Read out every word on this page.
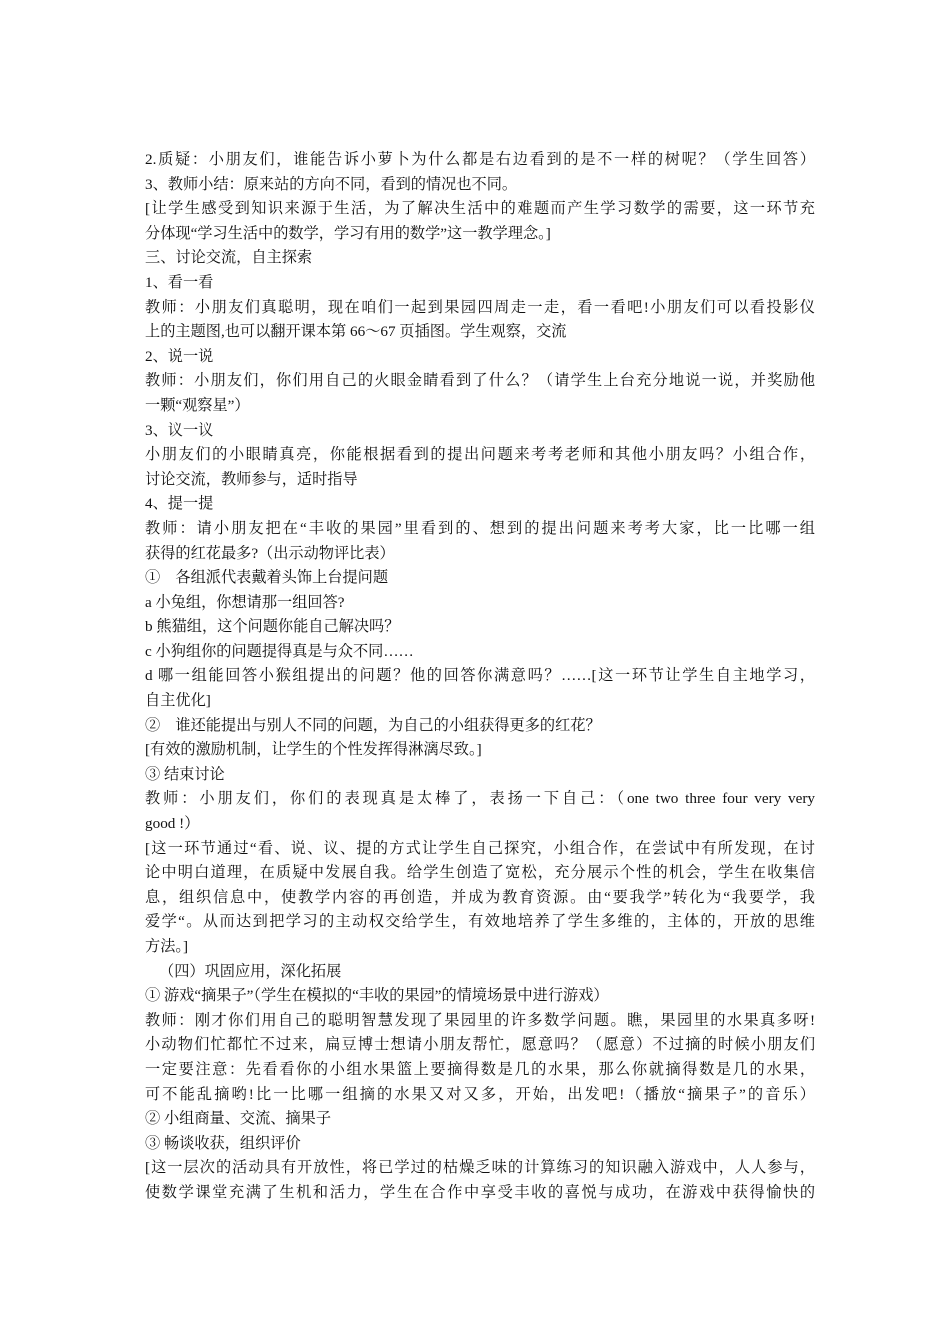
2.质疑：小朋友们，谁能告诉小萝卜为什么都是右边看到的是不一样的树呢？（学生回答）
3、教师小结：原来站的方向不同，看到的情况也不同。
[让学生感受到知识来源于生活，为了解决生活中的难题而产生学习数学的需要，这一环节充
分体现“学习生活中的数学，学习有用的数学”这一教学理念。]
三、讨论交流，自主探索
1、看一看
教师：小朋友们真聪明，现在咱们一起到果园四周走一走，看一看吧!小朋友们可以看投影仪
上的主题图,也可以翻开课本第 66～67 页插图。学生观察，交流
2、说一说
教师：小朋友们，你们用自己的火眼金睛看到了什么？（请学生上台充分地说一说，并奖励他
一颗“观察星”）
3、议一议
小朋友们的小眼睛真亮，你能根据看到的提出问题来考考老师和其他小朋友吗？小组合作，
讨论交流，教师参与，适时指导
4、提一提
教师：请小朋友把在“丰收的果园”里看到的、想到的提出问题来考考大家，比一比哪一组
获得的红花最多?（出示动物评比表）
①　各组派代表戴着头饰上台提问题
a 小兔组，你想请那一组回答?
b 熊猫组，这个问题你能自己解决吗？
c 小狗组你的问题提得真是与众不同……
d 哪一组能回答小猴组提出的问题？他的回答你满意吗？……[这一环节让学生自主地学习，
自主优化]
②　谁还能提出与别人不同的问题，为自己的小组获得更多的红花？
[有效的激励机制，让学生的个性发挥得淋漓尽致。]
③ 结束讨论
教师：小朋友们，你们的表现真是太棒了，表扬一下自己：（one two three four very very
good !）
[这一环节通过“看、说、议、提的方式让学生自己探究，小组合作，在尝试中有所发现，在讨
论中明白道理，在质疑中发展自我。给学生创造了宽松，充分展示个性的机会，学生在收集信
息，组织信息中，使教学内容的再创造，并成为教育资源。由“要我学”转化为“我要学，我
爱学“。从而达到把学习的主动权交给学生，有效地培养了学生多维的，主体的，开放的思维
方法。]
（四）巩固应用，深化拓展
① 游戏“摘果子”（学生在模拟的“丰收的果园”的情境场景中进行游戏）
教师：刚才你们用自己的聪明智慧发现了果园里的许多数学问题。瞧，果园里的水果真多呀!
小动物们忙都忙不过来，扁豆博士想请小朋友帮忙，愿意吗？（愿意）不过摘的时候小朋友们
一定要注意：先看看你的小组水果篮上要摘得数是几的水果，那么你就摘得数是几的水果，
可不能乱摘哟!比一比哪一组摘的水果又对又多，开始，出发吧!（播放“摘果子”的音乐）
② 小组商量、交流、摘果子
③ 畅谈收获，组织评价
[这一层次的活动具有开放性，将已学过的枯燥乏味的计算练习的知识融入游戏中，人人参与，
使数学课堂充满了生机和活力，学生在合作中享受丰收的喜悦与成功，在游戏中获得愉快的
